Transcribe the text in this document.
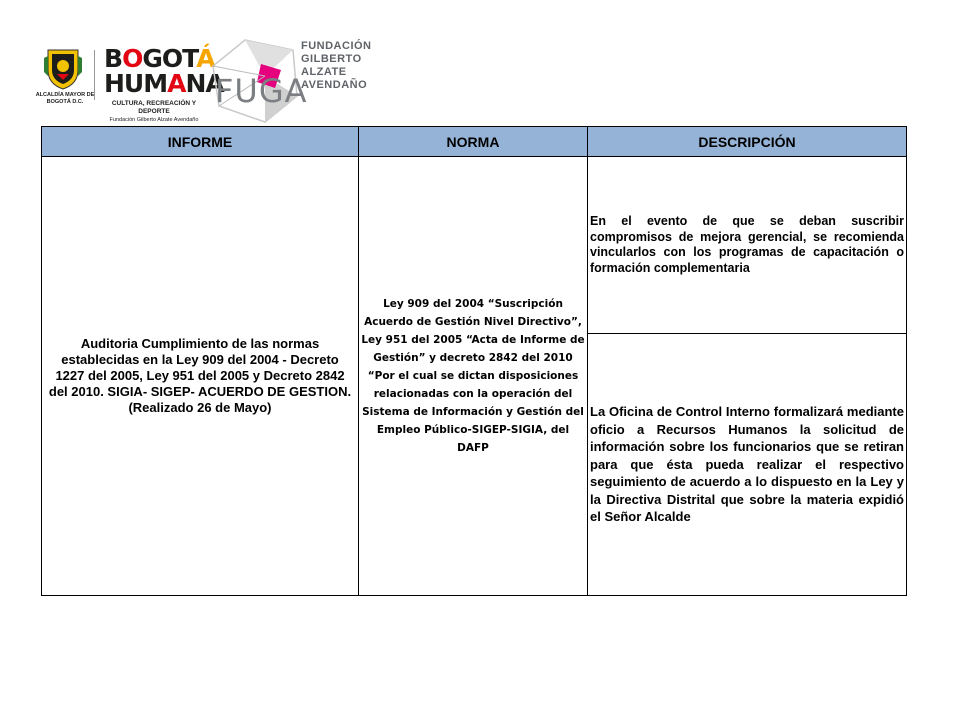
ALCALDÍA MAYOR DE BOGOTÁ D.C.
BOGOTÁ
HUMANA
CULTURA, RECREACIÓN Y DEPORTE
Fundación Gilberto Alzate Avendaño
FUGA
FUNDACIÓN
GILBERTO
ALZATE
AVENDAÑO
INFORME	NORMA	DESCRIPCIÓN
Auditoria Cumplimiento de las normas establecidas en la Ley 909 del 2004 - Decreto 1227 del 2005, Ley 951 del 2005 y Decreto 2842 del 2010. SIGIA- SIGEP- ACUERDO DE GESTION. (Realizado 26 de Mayo)
Ley 909 del 2004 “Suscripción Acuerdo de Gestión Nivel Directivo”, Ley 951 del 2005 “Acta de Informe de Gestión” y decreto 2842 del 2010 “Por el cual se dictan disposiciones relacionadas con la operación del Sistema de Información y Gestión del Empleo Público-SIGEP-SIGIA, del DAFP
En el evento de que se deban suscribir compromisos de mejora gerencial, se recomienda vincularlos con los programas de capacitación o formación complementaria
La Oficina de Control Interno formalizará mediante oficio a Recursos Humanos la solicitud de información sobre los funcionarios que se retiran para que ésta pueda realizar el respectivo seguimiento de acuerdo a lo dispuesto en la Ley y la Directiva Distrital que sobre la materia expidió el Señor Alcalde
